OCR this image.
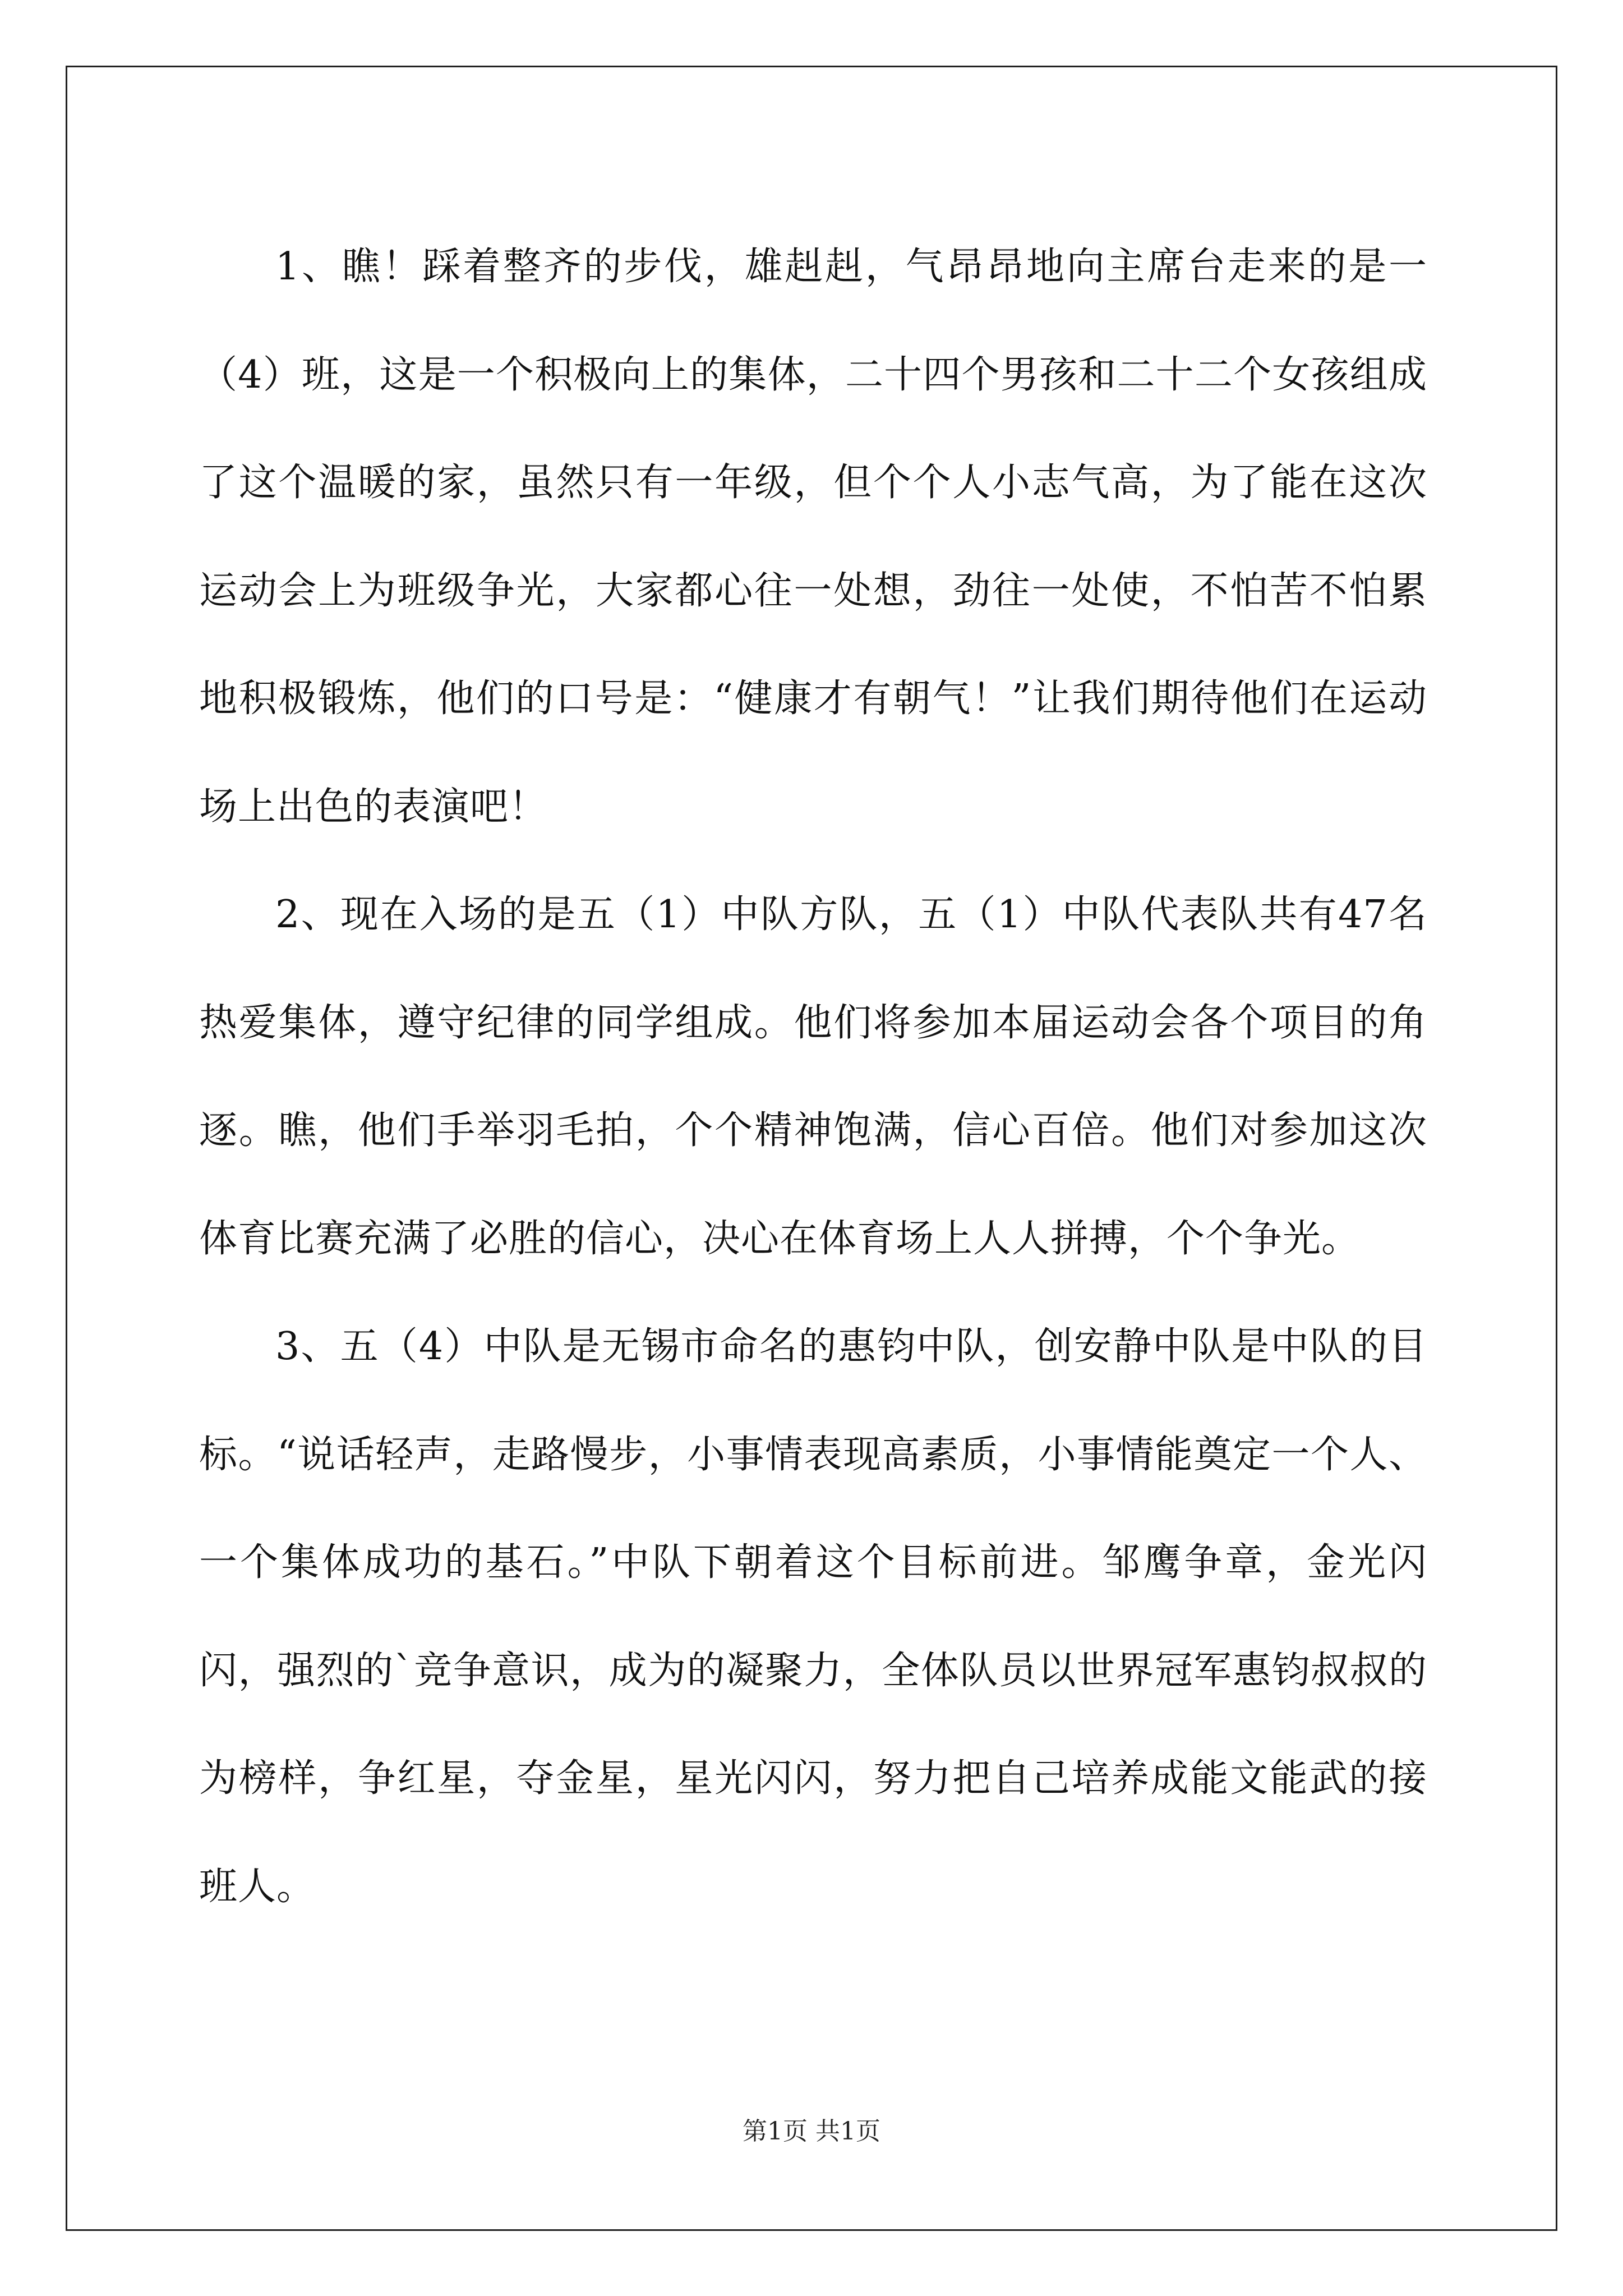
1、瞧！踩着整齐的步伐，雄赳赳，气昂昂地向主席台走来的是一（4）班，这是一个积极向上的集体，二十四个男孩和二十二个女孩组成了这个温暖的家，虽然只有一年级，但个个人小志气高，为了能在这次运动会上为班级争光，大家都心往一处想，劲往一处使，不怕苦不怕累地积极锻炼，他们的口号是：“健康才有朝气！”让我们期待他们在运动场上出色的表演吧！

2、现在入场的是五（1）中队方队，五（1）中队代表队共有47名热爱集体，遵守纪律的同学组成。他们将参加本届运动会各个项目的角逐。瞧，他们手举羽毛拍，个个精神饱满，信心百倍。他们对参加这次体育比赛充满了必胜的信心，决心在体育场上人人拼搏，个个争光。

3、五（4）中队是无锡市命名的惠钧中队，创安静中队是中队的目标。“说话轻声，走路慢步，小事情表现高素质，小事情能奠定一个人、一个集体成功的基石。”中队下朝着这个目标前进。邹鹰争章，金光闪闪，强烈的`竞争意识，成为的凝聚力，全体队员以世界冠军惠钧叔叔的为榜样，争红星，夺金星，星光闪闪，努力把自己培养成能文能武的接班人。

第1页 共1页
